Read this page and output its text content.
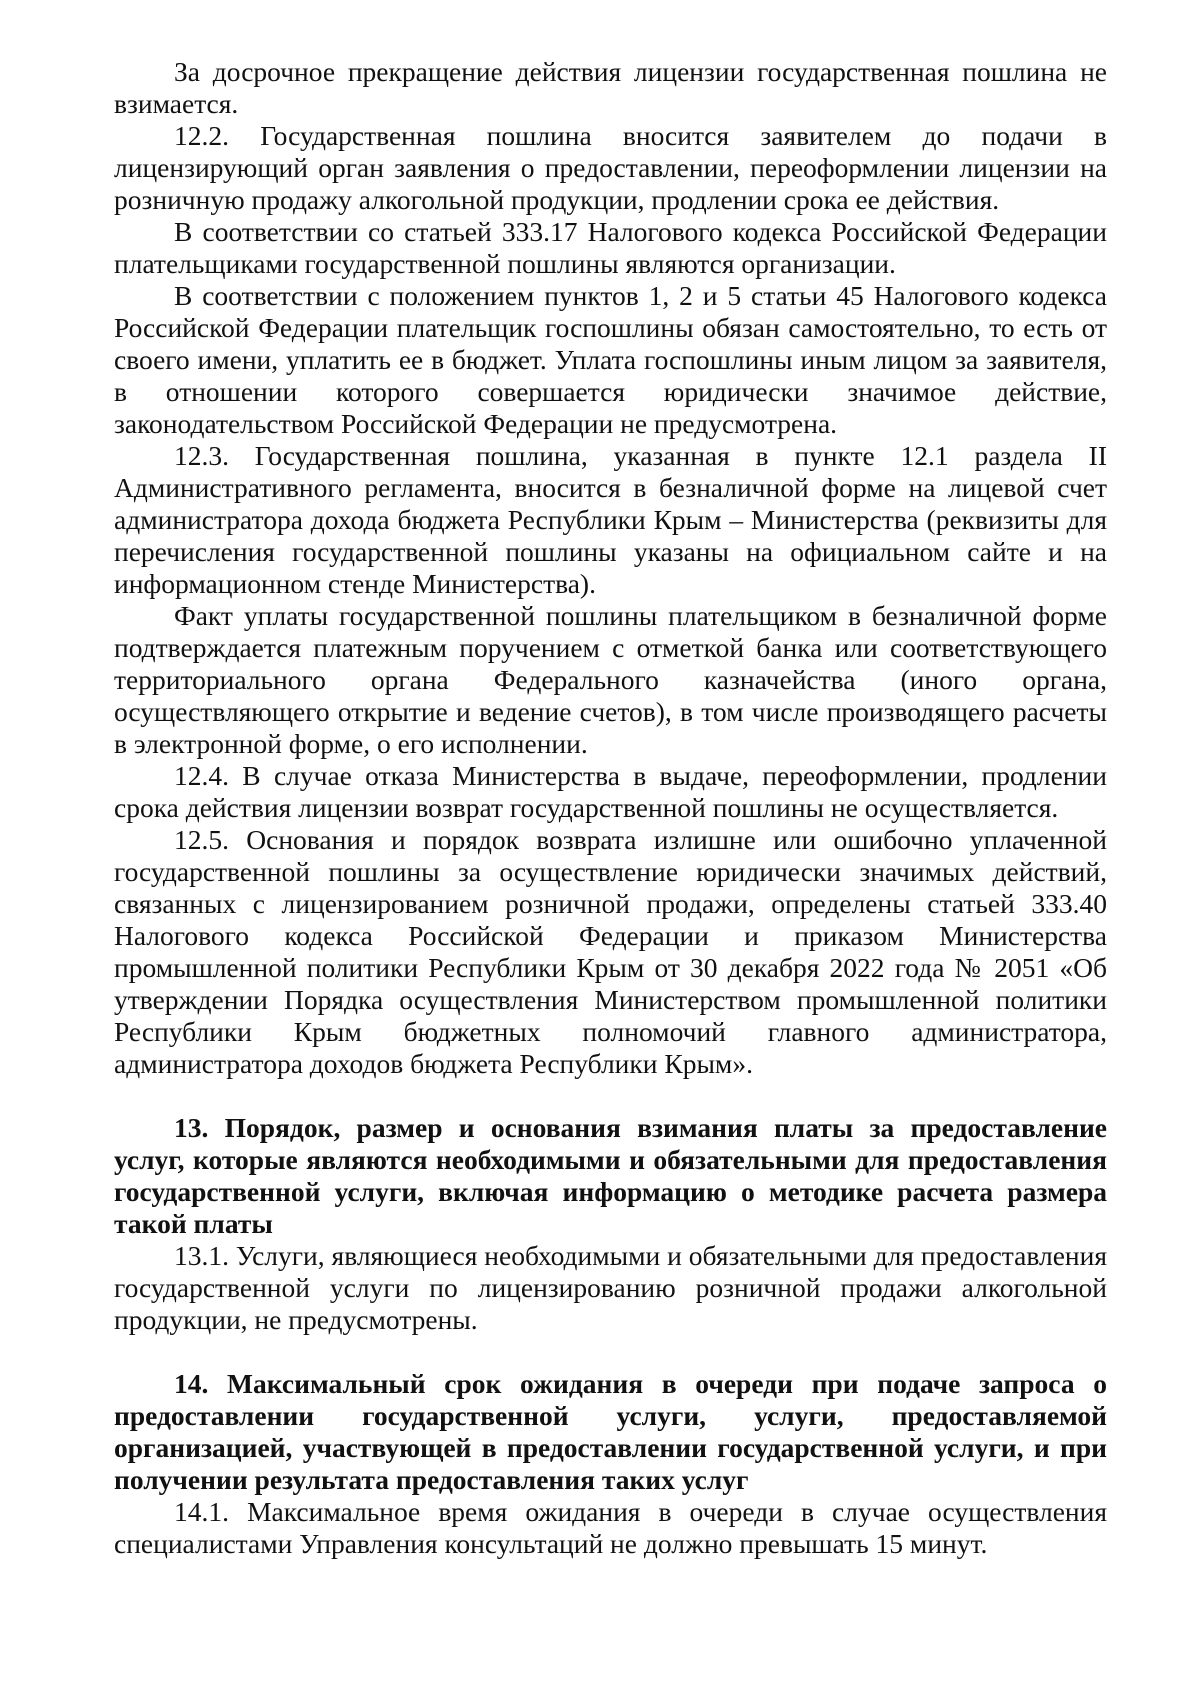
За досрочное прекращение действия лицензии государственная пошлина не взимается.

12.2. Государственная пошлина вносится заявителем до подачи в лицензирующий орган заявления о предоставлении, переоформлении лицензии на розничную продажу алкогольной продукции, продлении срока ее действия.

В соответствии со статьей 333.17 Налогового кодекса Российской Федерации плательщиками государственной пошлины являются организации.

В соответствии с положением пунктов 1, 2 и 5 статьи 45 Налогового кодекса Российской Федерации плательщик госпошлины обязан самостоятельно, то есть от своего имени, уплатить ее в бюджет. Уплата госпошлины иным лицом за заявителя, в отношении которого совершается юридически значимое действие, законодательством Российской Федерации не предусмотрена.

12.3. Государственная пошлина, указанная в пункте 12.1 раздела II Административного регламента, вносится в безналичной форме на лицевой счет администратора дохода бюджета Республики Крым – Министерства (реквизиты для перечисления государственной пошлины указаны на официальном сайте и на информационном стенде Министерства).

Факт уплаты государственной пошлины плательщиком в безналичной форме подтверждается платежным поручением с отметкой банка или соответствующего территориального органа Федерального казначейства (иного органа, осуществляющего открытие и ведение счетов), в том числе производящего расчеты в электронной форме, о его исполнении.

12.4. В случае отказа Министерства в выдаче, переоформлении, продлении срока действия лицензии возврат государственной пошлины не осуществляется.

12.5. Основания и порядок возврата излишне или ошибочно уплаченной государственной пошлины за осуществление юридически значимых действий, связанных с лицензированием розничной продажи, определены статьей 333.40 Налогового кодекса Российской Федерации и приказом Министерства промышленной политики Республики Крым от 30 декабря 2022 года № 2051 «Об утверждении Порядка осуществления Министерством промышленной политики Республики Крым бюджетных полномочий главного администратора, администратора доходов бюджета Республики Крым».

13. Порядок, размер и основания взимания платы за предоставление услуг, которые являются необходимыми и обязательными для предоставления государственной услуги, включая информацию о методике расчета размера такой платы

13.1. Услуги, являющиеся необходимыми и обязательными для предоставления государственной услуги по лицензированию розничной продажи алкогольной продукции, не предусмотрены.

14. Максимальный срок ожидания в очереди при подаче запроса о предоставлении государственной услуги, услуги, предоставляемой организацией, участвующей в предоставлении государственной услуги, и при получении результата предоставления таких услуг

14.1. Максимальное время ожидания в очереди в случае осуществления специалистами Управления консультаций не должно превышать 15 минут.
